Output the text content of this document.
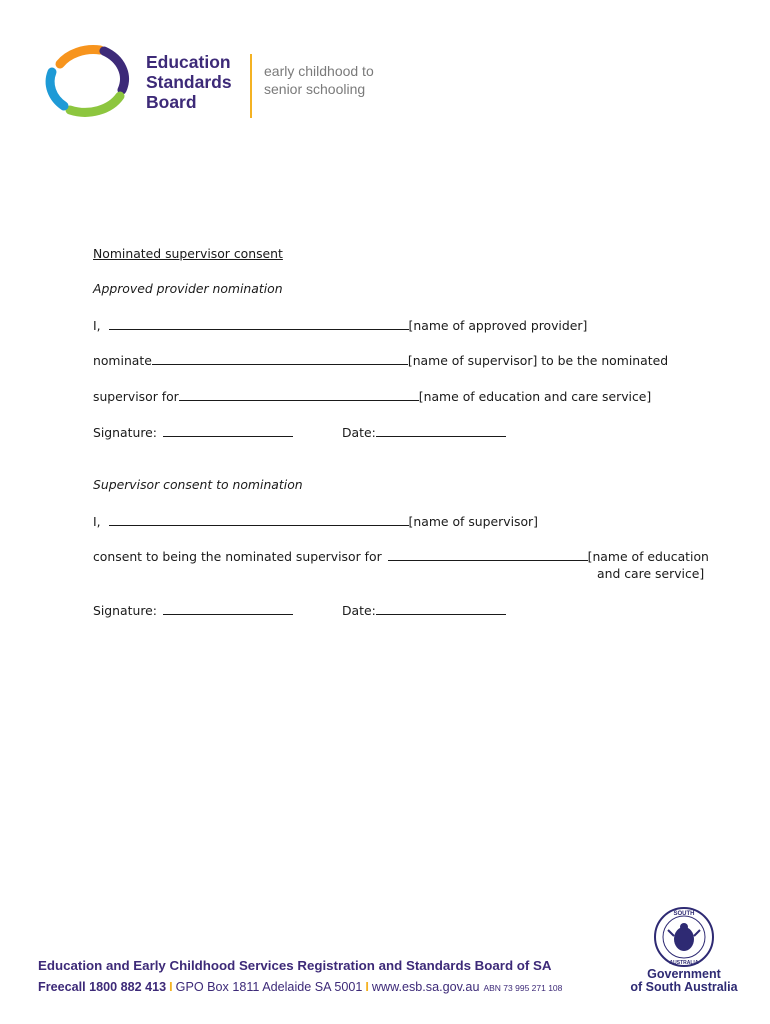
Education
Standards
Board
early childhood to
senior schooling
Nominated supervisor consent
Approved provider nomination
I,	[name of approved provider]
nominate	[name of supervisor] to be the nominated
supervisor for	[name of education and care service]
Signature:	Date:
Supervisor consent to nomination
I,	[name of supervisor]
consent to being the nominated supervisor for	[name of education
and care service]
Signature:	Date:
Education and Early Childhood Services Registration and Standards Board of SA
Freecall 1800 882 413 I GPO Box 1811 Adelaide SA 5001 I www.esb.sa.gov.au ABN 73 995 271 108
SOUTH
AUSTRALIA
Government
of South Australia
